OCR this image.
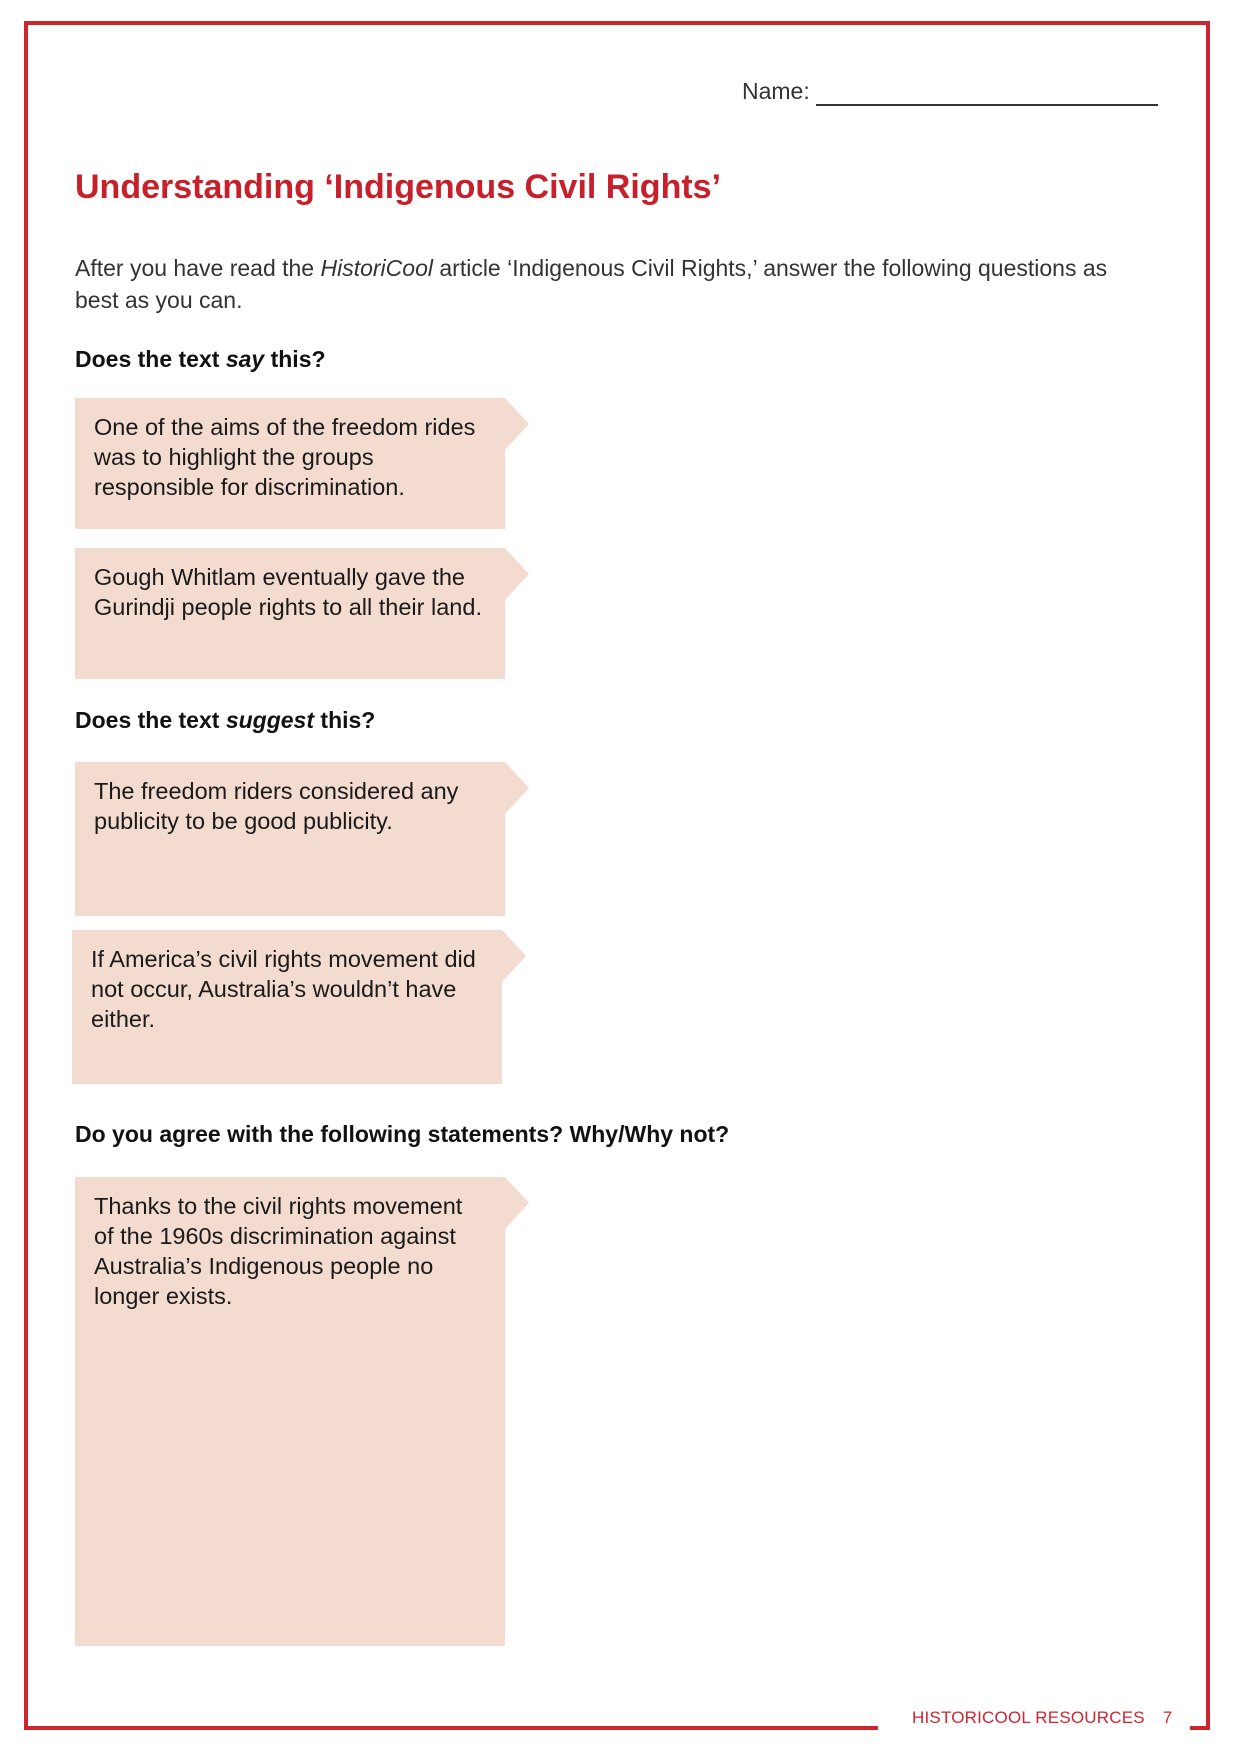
Name:
Understanding ‘Indigenous Civil Rights’

After you have read the HistoriCool article ‘Indigenous Civil Rights,’ answer the following questions as best as you can.

Does the text say this?
One of the aims of the freedom rides was to highlight the groups responsible for discrimination.
Gough Whitlam eventually gave the Gurindji people rights to all their land.
Does the text suggest this?
The freedom riders considered any publicity to be good publicity.
If America’s civil rights movement did not occur, Australia’s wouldn’t have either.
Do you agree with the following statements? Why/Why not?
Thanks to the civil rights movement of the 1960s discrimination against Australia’s Indigenous people no longer exists.
HISTORICOOL RESOURCES 7
